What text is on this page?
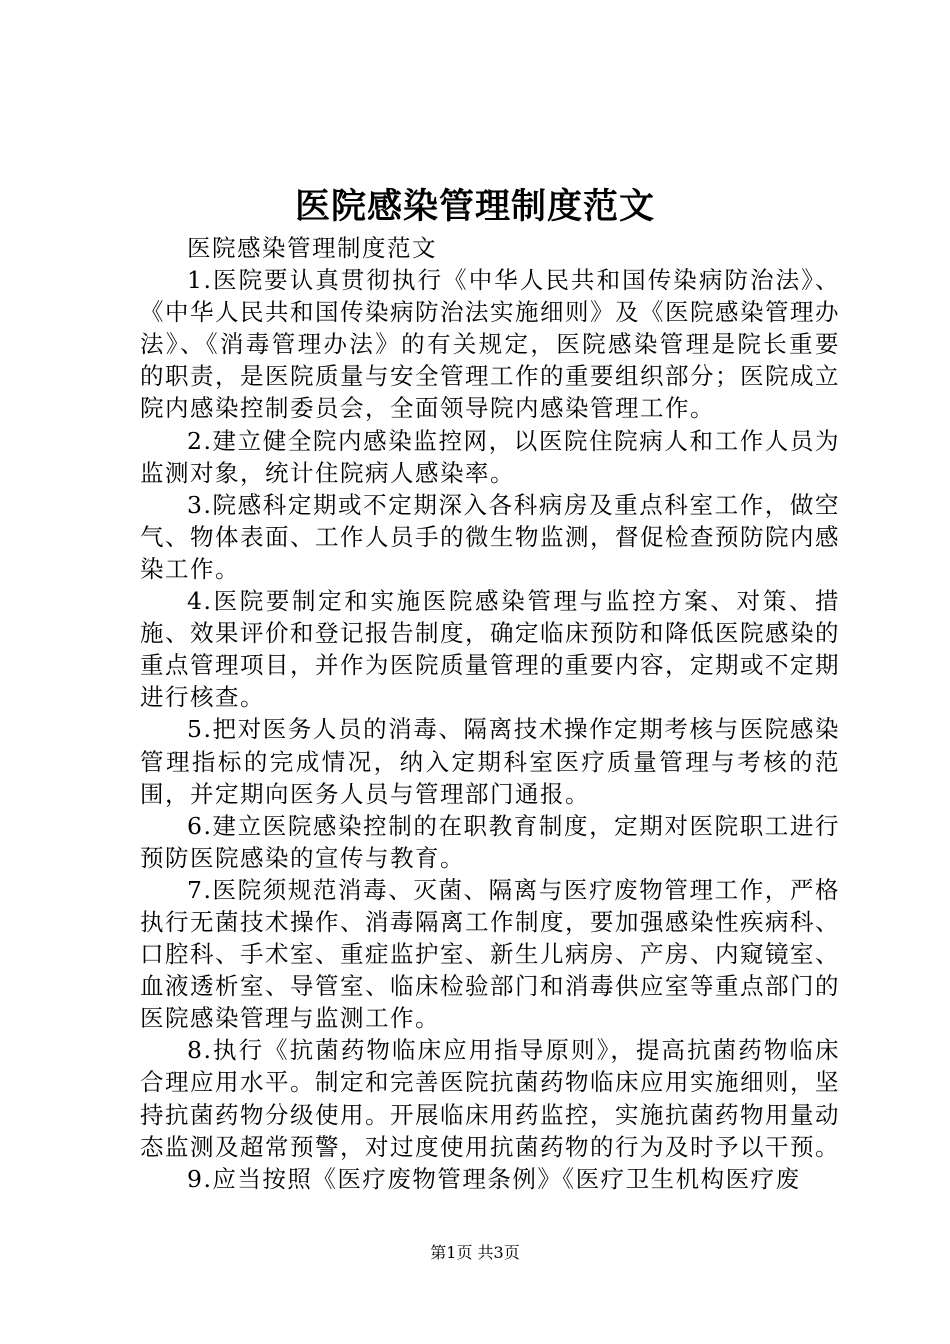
医院感染管理制度范文

医院感染管理制度范文

1.医院要认真贯彻执行《中华人民共和国传染病防治法》、《中华人民共和国传染病防治法实施细则》及《医院感染管理办法》、《消毒管理办法》的有关规定，医院感染管理是院长重要的职责，是医院质量与安全管理工作的重要组织部分；医院成立院内感染控制委员会，全面领导院内感染管理工作。

2.建立健全院内感染监控网，以医院住院病人和工作人员为监测对象，统计住院病人感染率。

3.院感科定期或不定期深入各科病房及重点科室工作，做空气、物体表面、工作人员手的微生物监测，督促检查预防院内感染工作。

4.医院要制定和实施医院感染管理与监控方案、对策、措施、效果评价和登记报告制度，确定临床预防和降低医院感染的重点管理项目，并作为医院质量管理的重要内容，定期或不定期进行核查。

5.把对医务人员的消毒、隔离技术操作定期考核与医院感染管理指标的完成情况，纳入定期科室医疗质量管理与考核的范围，并定期向医务人员与管理部门通报。

6.建立医院感染控制的在职教育制度，定期对医院职工进行预防医院感染的宣传与教育。

7.医院须规范消毒、灭菌、隔离与医疗废物管理工作，严格执行无菌技术操作、消毒隔离工作制度，要加强感染性疾病科、口腔科、手术室、重症监护室、新生儿病房、产房、内窥镜室、血液透析室、导管室、临床检验部门和消毒供应室等重点部门的医院感染管理与监测工作。

8.执行《抗菌药物临床应用指导原则》，提高抗菌药物临床合理应用水平。制定和完善医院抗菌药物临床应用实施细则，坚持抗菌药物分级使用。开展临床用药监控，实施抗菌药物用量动态监测及超常预警，对过度使用抗菌药物的行为及时予以干预。

9.应当按照《医疗废物管理条例》《医疗卫生机构医疗废

第1页 共3页
